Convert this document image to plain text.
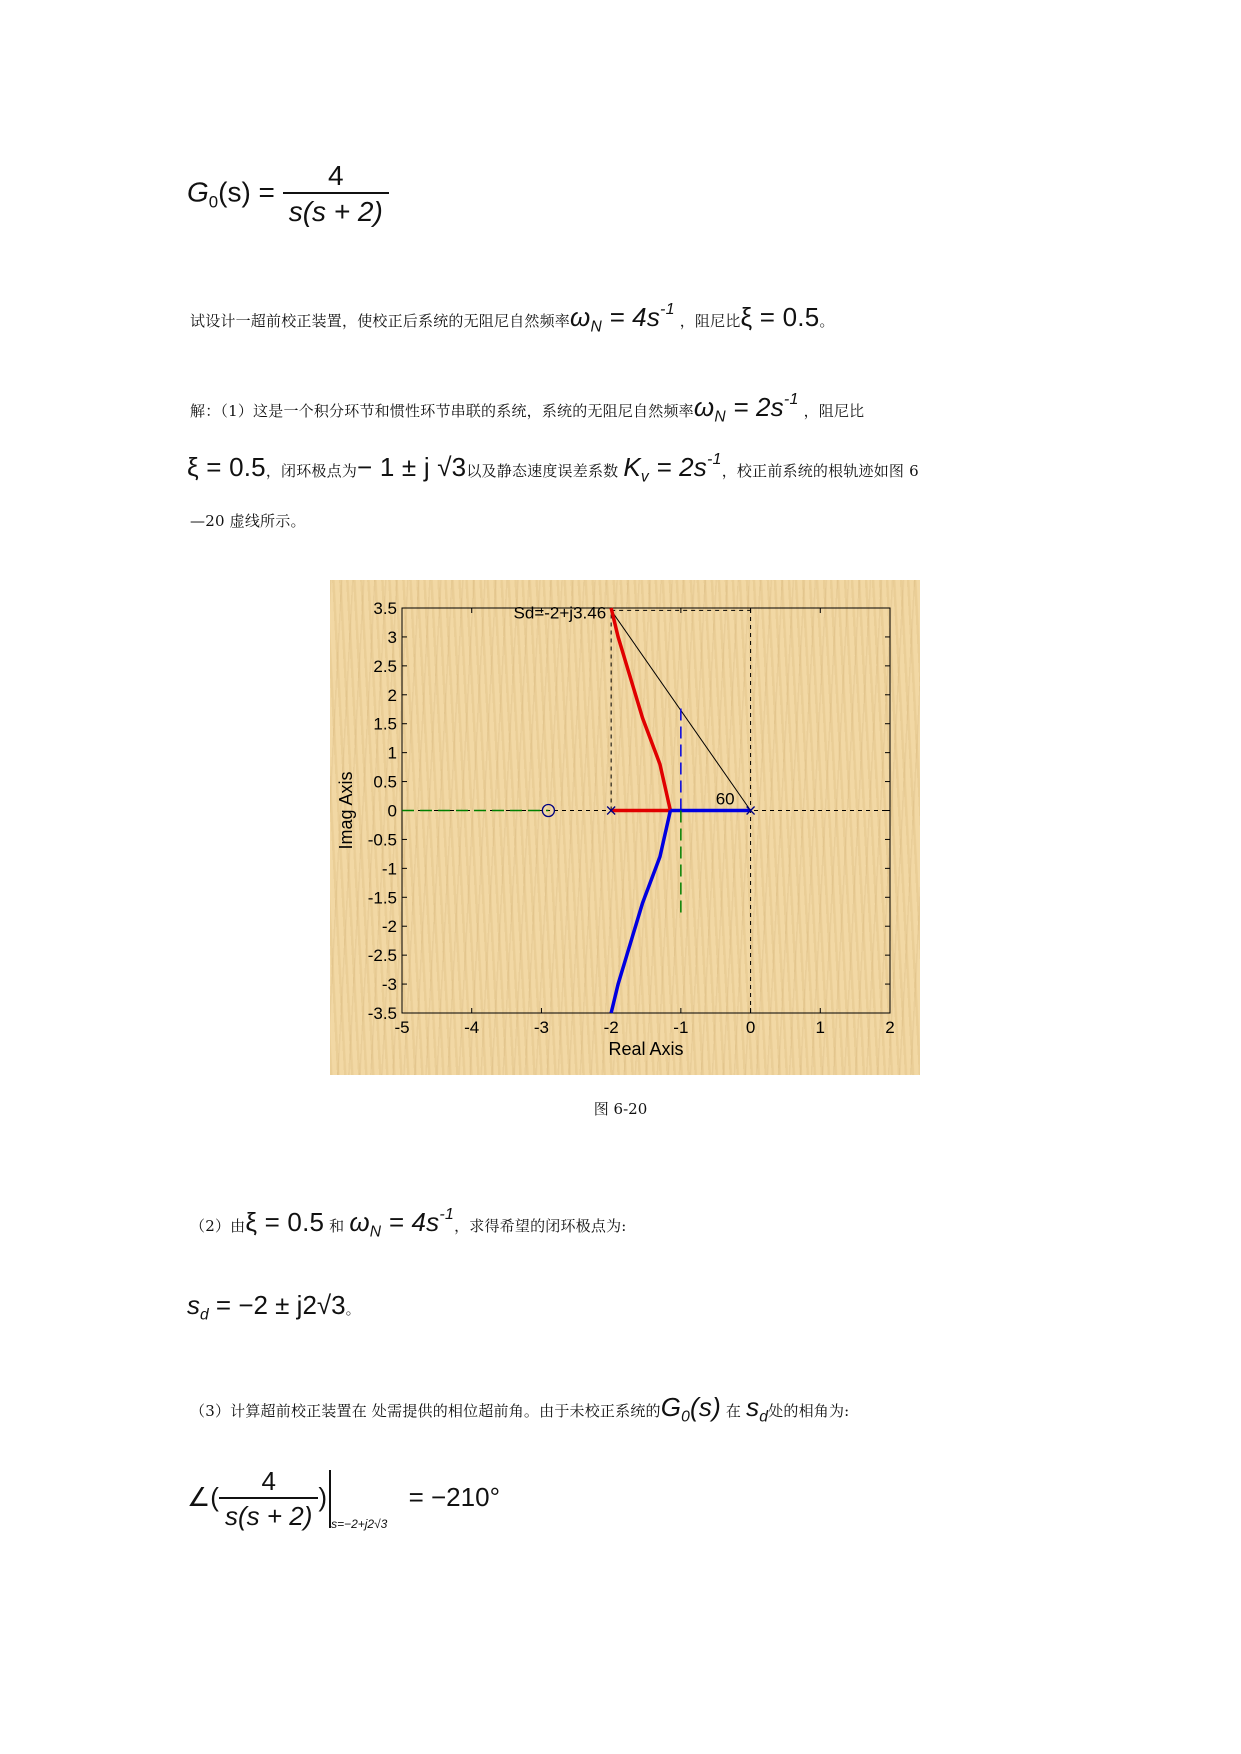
$G_0(s) = \frac{4}{s(s + 2)}$
试设计一超前校正装置，使校正后系统的无阻尼自然频率$\omega_N = 4s^{-1}$ ，阻尼比ξ = 0.5。
解：（1）这是一个积分环节和惯性环节串联的系统，系统的无阻尼自然频率$\omega_N = 2s^{-1}$ ，阻尼比
ξ = 0.5，闭环极点为− 1 ± j √3以及静态速度误差系数 $K_v = 2s^{-1}$，校正前系统的根轨迹如图 6
—20 虚线所示。
-5	-4	-3	-2	-1	0	1	2
3.5
3
2.5
2
1.5
1
0.5
0
-0.5
-1
-1.5
-2
-2.5
-3
-3.5
Real Axis
Imag Axis
Sd=-2+j3.46
60
图 6-20
（2）由ξ = 0.5 和 $\omega_N = 4s^{-1}$，求得希望的闭环极点为:
$s_d = -2 \pm j2√3$。
（3）计算超前校正装置在 处需提供的相位超前角。由于未校正系统的$G_0(s)$ 在 $s_d$处的相角为:
∠( $\frac{4}{s(s + 2)} )_{s=-2+j2√3} = -210^\circ$
